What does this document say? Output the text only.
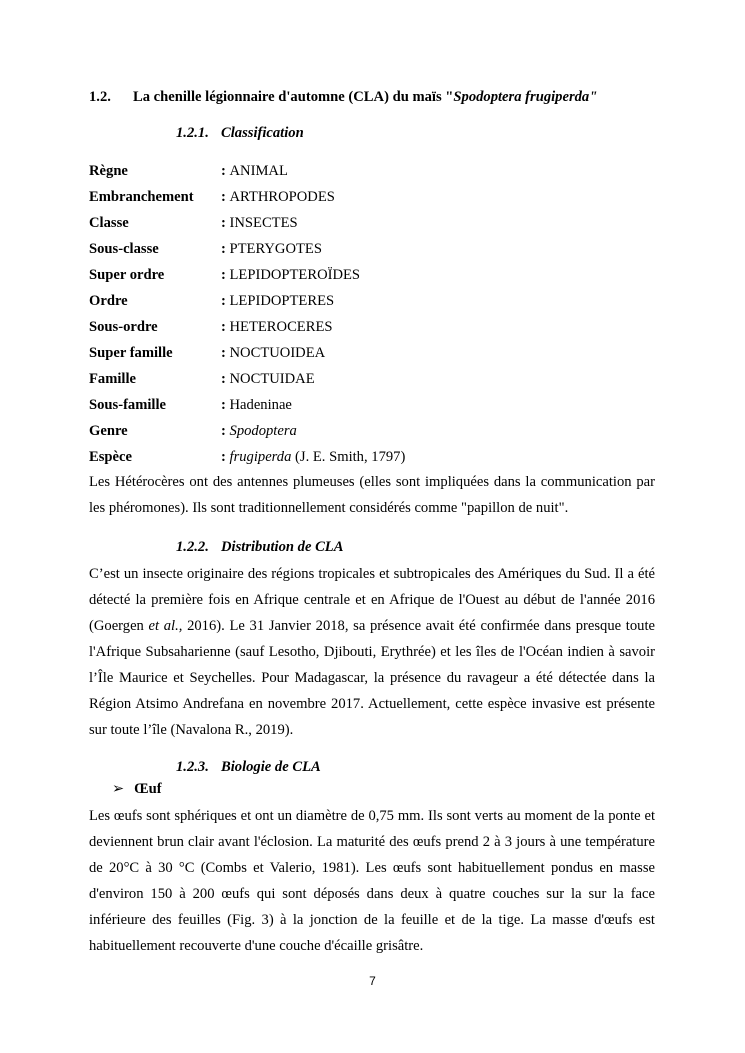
1.2. La chenille légionnaire d'automne (CLA) du maïs "Spodoptera frugiperda"
1.2.1. Classification
Règne	: ANIMAL
Embranchement : ARTHROPODES
Classe	: INSECTES
Sous-classe	: PTERYGOTES
Super ordre	: LEPIDOPTEROÏDES
Ordre	: LEPIDOPTERES
Sous-ordre	: HETEROCERES
Super famille	: NOCTUOIDEA
Famille	: NOCTUIDAE
Sous-famille	: Hadeninae
Genre	: Spodoptera
Espèce	: frugiperda (J. E. Smith, 1797)
Les Hétérocères ont des antennes plumeuses (elles sont impliquées dans la communication par les phéromones). Ils sont traditionnellement considérés comme "papillon de nuit".
1.2.2. Distribution de CLA
C’est un insecte originaire des régions tropicales et subtropicales des Amériques du Sud. Il a été détecté la première fois en Afrique centrale et en Afrique de l'Ouest au début de l'année 2016 (Goergen et al., 2016). Le 31 Janvier 2018, sa présence avait été confirmée dans presque toute l'Afrique Subsaharienne (sauf Lesotho, Djibouti, Erythrée) et les îles de l'Océan indien à savoir l’Île Maurice et Seychelles. Pour Madagascar, la présence du ravageur a été détectée dans la Région Atsimo Andrefana en novembre 2017. Actuellement, cette espèce invasive est présente sur toute l’île (Navalona R., 2019).
1.2.3. Biologie de CLA
➢ Œuf
Les œufs sont sphériques et ont un diamètre de 0,75 mm. Ils sont verts au moment de la ponte et deviennent brun clair avant l'éclosion. La maturité des œufs prend 2 à 3 jours à une température de 20°C à 30 °C (Combs et Valerio, 1981). Les œufs sont habituellement pondus en masse d'environ 150 à 200 œufs qui sont déposés dans deux à quatre couches sur la sur la face inférieure des feuilles (Fig. 3) à la jonction de la feuille et de la tige. La masse d'œufs est habituellement recouverte d'une couche d'écaille grisâtre.
7
